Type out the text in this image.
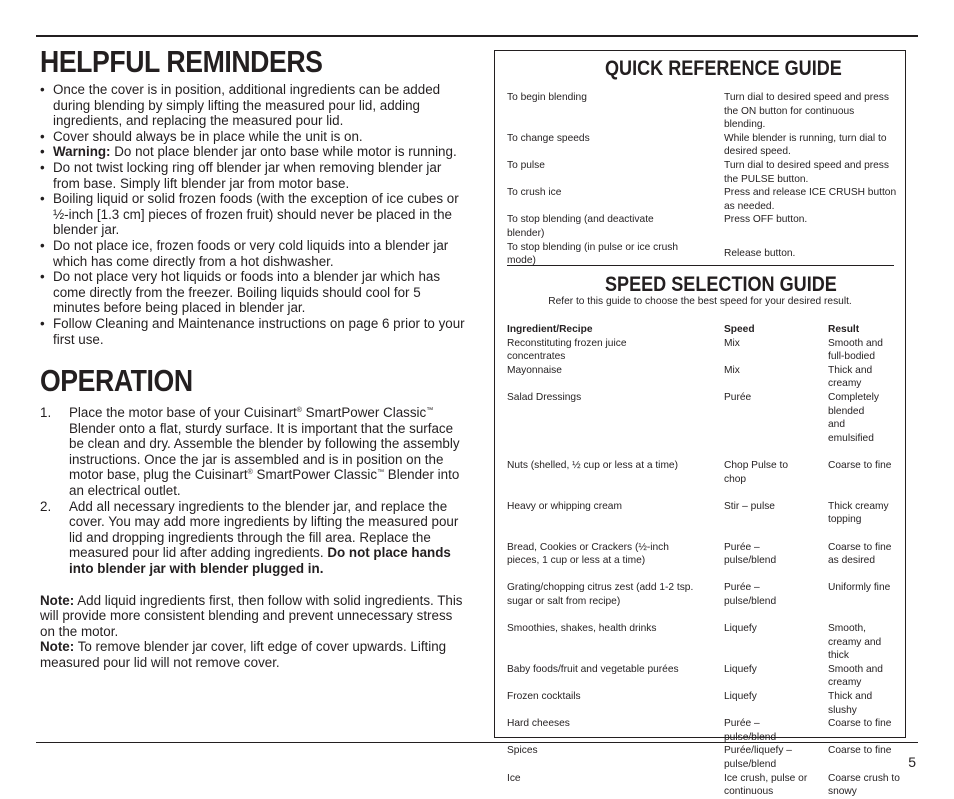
HELPFUL REMINDERS
• Once the cover is in position, additional ingredients can be added during blending by simply lifting the measured pour lid, adding ingredients, and replacing the measured pour lid.
• Cover should always be in place while the unit is on.
• Warning: Do not place blender jar onto base while motor is running.
• Do not twist locking ring off blender jar when removing blender jar from base. Simply lift blender jar from motor base.
• Boiling liquid or solid frozen foods (with the exception of ice cubes or ½-inch [1.3 cm] pieces of frozen fruit) should never be placed in the blender jar.
• Do not place ice, frozen foods or very cold liquids into a blender jar which has come directly from a hot dishwasher.
• Do not place very hot liquids or foods into a blender jar which has come directly from the freezer. Boiling liquids should cool for 5 minutes before being placed in blender jar.
• Follow Cleaning and Maintenance instructions on page 6 prior to your first use.
OPERATION
1. Place the motor base of your Cuisinart® SmartPower Classic™ Blender onto a flat, sturdy surface. It is important that the surface be clean and dry. Assemble the blender by following the assembly instructions. Once the jar is assembled and is in position on the motor base, plug the Cuisinart® SmartPower Classic™ Blender into an electrical outlet.
2. Add all necessary ingredients to the blender jar, and replace the cover. You may add more ingredients by lifting the measured pour lid and dropping ingredients through the fill area. Replace the measured pour lid after adding ingredients. Do not place hands into blender jar with blender plugged in.

Note: Add liquid ingredients first, then follow with solid ingredients. This will provide more consistent blending and prevent unnecessary stress on the motor.

Note: To remove blender jar cover, lift edge of cover upwards. Lifting measured pour lid will not remove cover.

QUICK REFERENCE GUIDE
To begin blending	Turn dial to desired speed and press the ON button for continuous blending.
To change speeds	While blender is running, turn dial to desired speed.
To pulse	Turn dial to desired speed and press the PULSE button.
To crush ice	Press and release ICE CRUSH button as needed.
To stop blending (and deactivate blender)	Press OFF button.
To stop blending (in pulse or ice crush mode)	Release button.
SPEED SELECTION GUIDE
Refer to this guide to choose the best speed for your desired result.
Ingredient/Recipe	Speed	Result
Reconstituting frozen juice concentrates	Mix	Smooth and full-bodied
Mayonnaise	Mix	Thick and creamy
Salad Dressings	Purée	Completely blended and emulsified

Nuts (shelled, ½ cup or less at a time)	Chop Pulse to chop	Coarse to fine

Heavy or whipping cream	Stir – pulse	Thick creamy topping

Bread, Cookies or Crackers (½-inch pieces, 1 cup or less at a time)	Purée – pulse/blend	Coarse to fine as desired

Grating/chopping citrus zest (add 1-2 tsp. sugar or salt from recipe)	Purée – pulse/blend	Uniformly fine

Smoothies, shakes, health drinks	Liquefy	Smooth, creamy and thick
Baby foods/fruit and vegetable purées	Liquefy	Smooth and creamy
Frozen cocktails	Liquefy	Thick and slushy
Hard cheeses	Purée – pulse/blend	Coarse to fine
Spices	Purée/liquefy – pulse/blend	Coarse to fine
Ice	Ice crush, pulse or continuous	Coarse crush to snowy
5
